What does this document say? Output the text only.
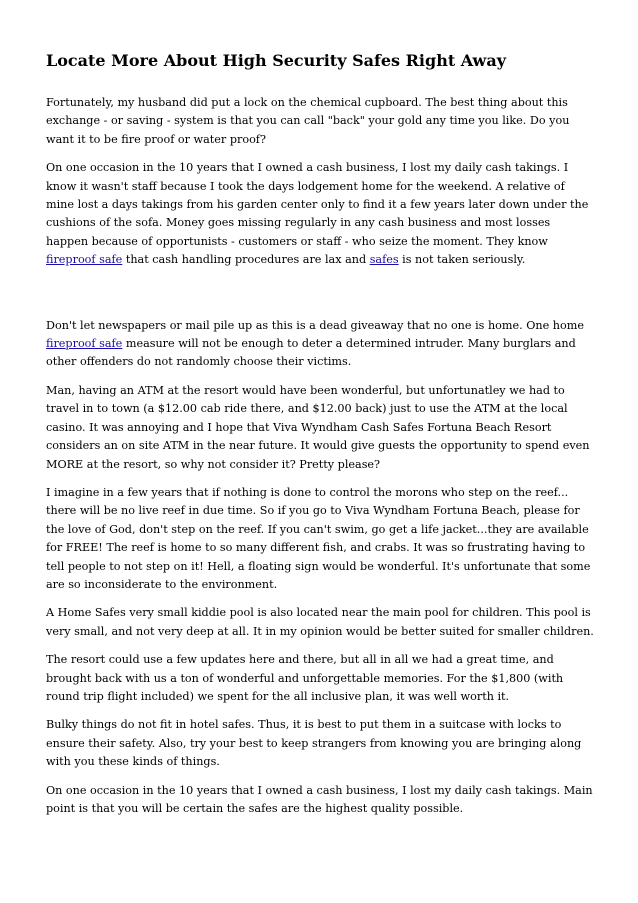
Locate More About High Security Safes Right Away

Fortunately, my husband did put a lock on the chemical cupboard. The best thing about this exchange - or saving - system is that you can call "back" your gold any time you like. Do you want it to be fire proof or water proof?

On one occasion in the 10 years that I owned a cash business, I lost my daily cash takings. I know it wasn't staff because I took the days lodgement home for the weekend. A relative of mine lost a days takings from his garden center only to find it a few years later down under the cushions of the sofa. Money goes missing regularly in any cash business and most losses happen because of opportunists - customers or staff - who seize the moment. They know fireproof safe that cash handling procedures are lax and safes is not taken seriously.

Don't let newspapers or mail pile up as this is a dead giveaway that no one is home. One home fireproof safe measure will not be enough to deter a determined intruder. Many burglars and other offenders do not randomly choose their victims.

Man, having an ATM at the resort would have been wonderful, but unfortunatley we had to travel in to town (a $12.00 cab ride there, and $12.00 back) just to use the ATM at the local casino. It was annoying and I hope that Viva Wyndham Cash Safes Fortuna Beach Resort considers an on site ATM in the near future. It would give guests the opportunity to spend even MORE at the resort, so why not consider it? Pretty please?

I imagine in a few years that if nothing is done to control the morons who step on the reef... there will be no live reef in due time. So if you go to Viva Wyndham Fortuna Beach, please for the love of God, don't step on the reef. If you can't swim, go get a life jacket...they are available for FREE! The reef is home to so many different fish, and crabs. It was so frustrating having to tell people to not step on it! Hell, a floating sign would be wonderful. It's unfortunate that some are so inconsiderate to the environment.

A Home Safes very small kiddie pool is also located near the main pool for children. This pool is very small, and not very deep at all. It in my opinion would be better suited for smaller children.

The resort could use a few updates here and there, but all in all we had a great time, and brought back with us a ton of wonderful and unforgettable memories. For the $1,800 (with round trip flight included) we spent for the all inclusive plan, it was well worth it.

Bulky things do not fit in hotel safes. Thus, it is best to put them in a suitcase with locks to ensure their safety. Also, try your best to keep strangers from knowing you are bringing along with you these kinds of things.

On one occasion in the 10 years that I owned a cash business, I lost my daily cash takings. Main point is that you will be certain the safes are the highest quality possible.
